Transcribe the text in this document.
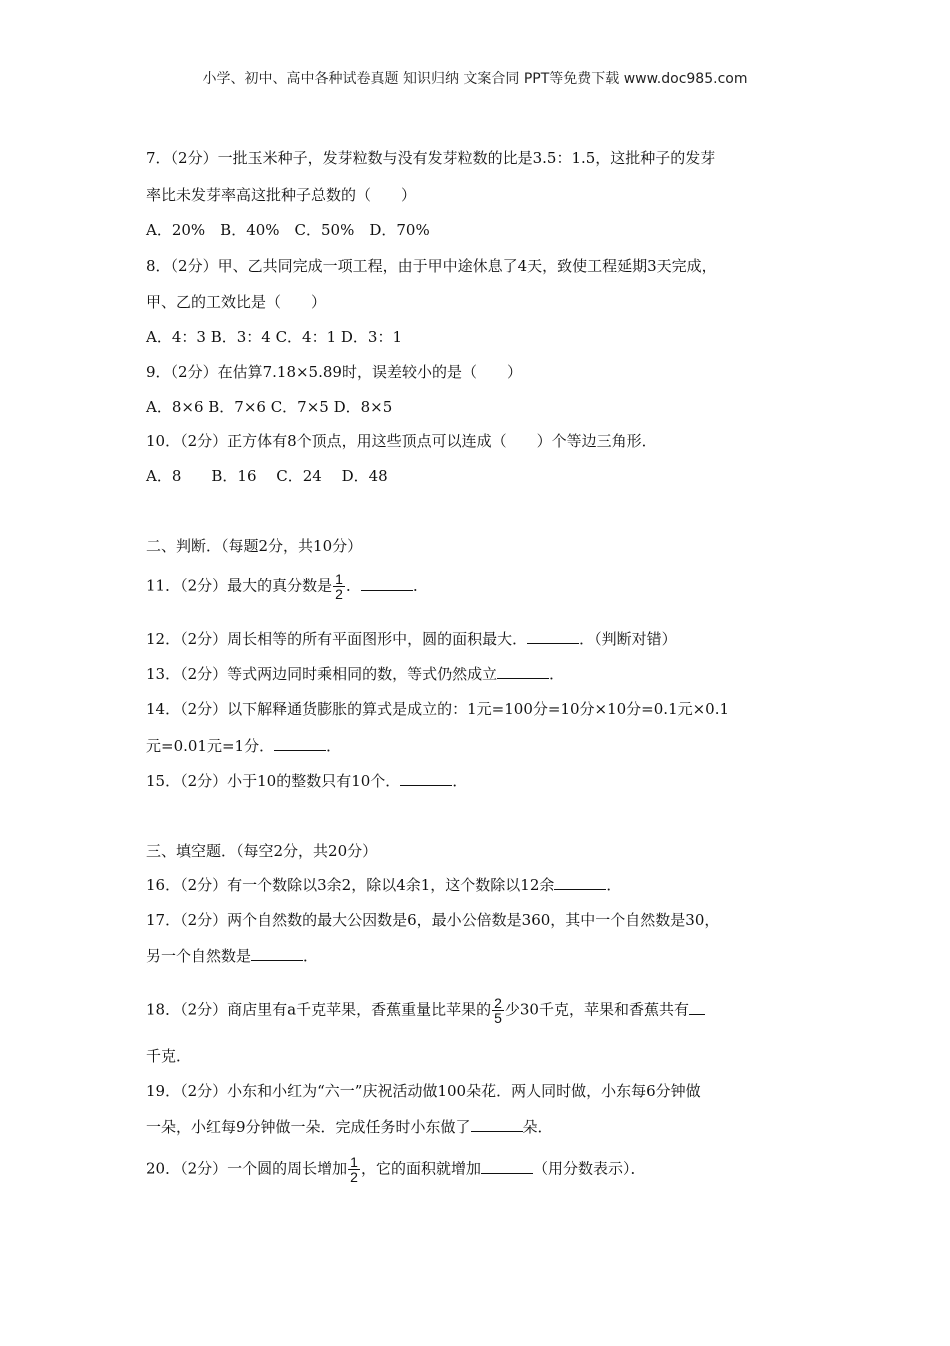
小学、初中、高中各种试卷真题 知识归纳 文案合同 PPT等免费下载 www.doc985.com
7．（2分）一批玉米种子，发芽粒数与没有发芽粒数的比是3.5：1.5，这批种子的发芽
率比未发芽率高这批种子总数的（　　）
A．20%　B．40%　C．50%　D．70%
8．（2分）甲、乙共同完成一项工程，由于甲中途休息了4天，致使工程延期3天完成，
甲、乙的工效比是（　　）
A．4：3 B．3：4 C．4：1 D．3：1
9．（2分）在估算7.18×5.89时，误差较小的是（　　）
A．8×6 B．7×6 C．7×5 D．8×5
10．（2分）正方体有8个顶点，用这些顶点可以连成（　　）个等边三角形．
A．8　　B．16　 C．24　 D．48
二、判断．（每题2分，共10分）
11．（2分）最大的真分数是 $\frac{1}{2}$ ．	．
12．（2分）周长相等的所有平面图形中，圆的面积最大．	．（判断对错）
13．（2分）等式两边同时乘相同的数，等式仍然成立	．
14．（2分）以下解释通货膨胀的算式是成立的：1元=100分=10分×10分=0.1元×0.1
元=0.01元=1分．	．
15．（2分）小于10的整数只有10个．	．
三、填空题．（每空2分，共20分）
16．（2分）有一个数除以3余2，除以4余1，这个数除以12余	．
17．（2分）两个自然数的最大公因数是6，最小公倍数是360，其中一个自然数是30，
另一个自然数是	．
18．（2分）商店里有a千克苹果，香蕉重量比苹果的 $\frac{2}{5}$ 少30千克，苹果和香蕉共有
千克．
19．（2分）小东和小红为“六一”庆祝活动做100朵花．两人同时做，小东每6分钟做
一朵，小红每9分钟做一朵．完成任务时小东做了	朵．
20．（2分）一个圆的周长增加 $\frac{1}{2}$ ，它的面积就增加	（用分数表示）．
